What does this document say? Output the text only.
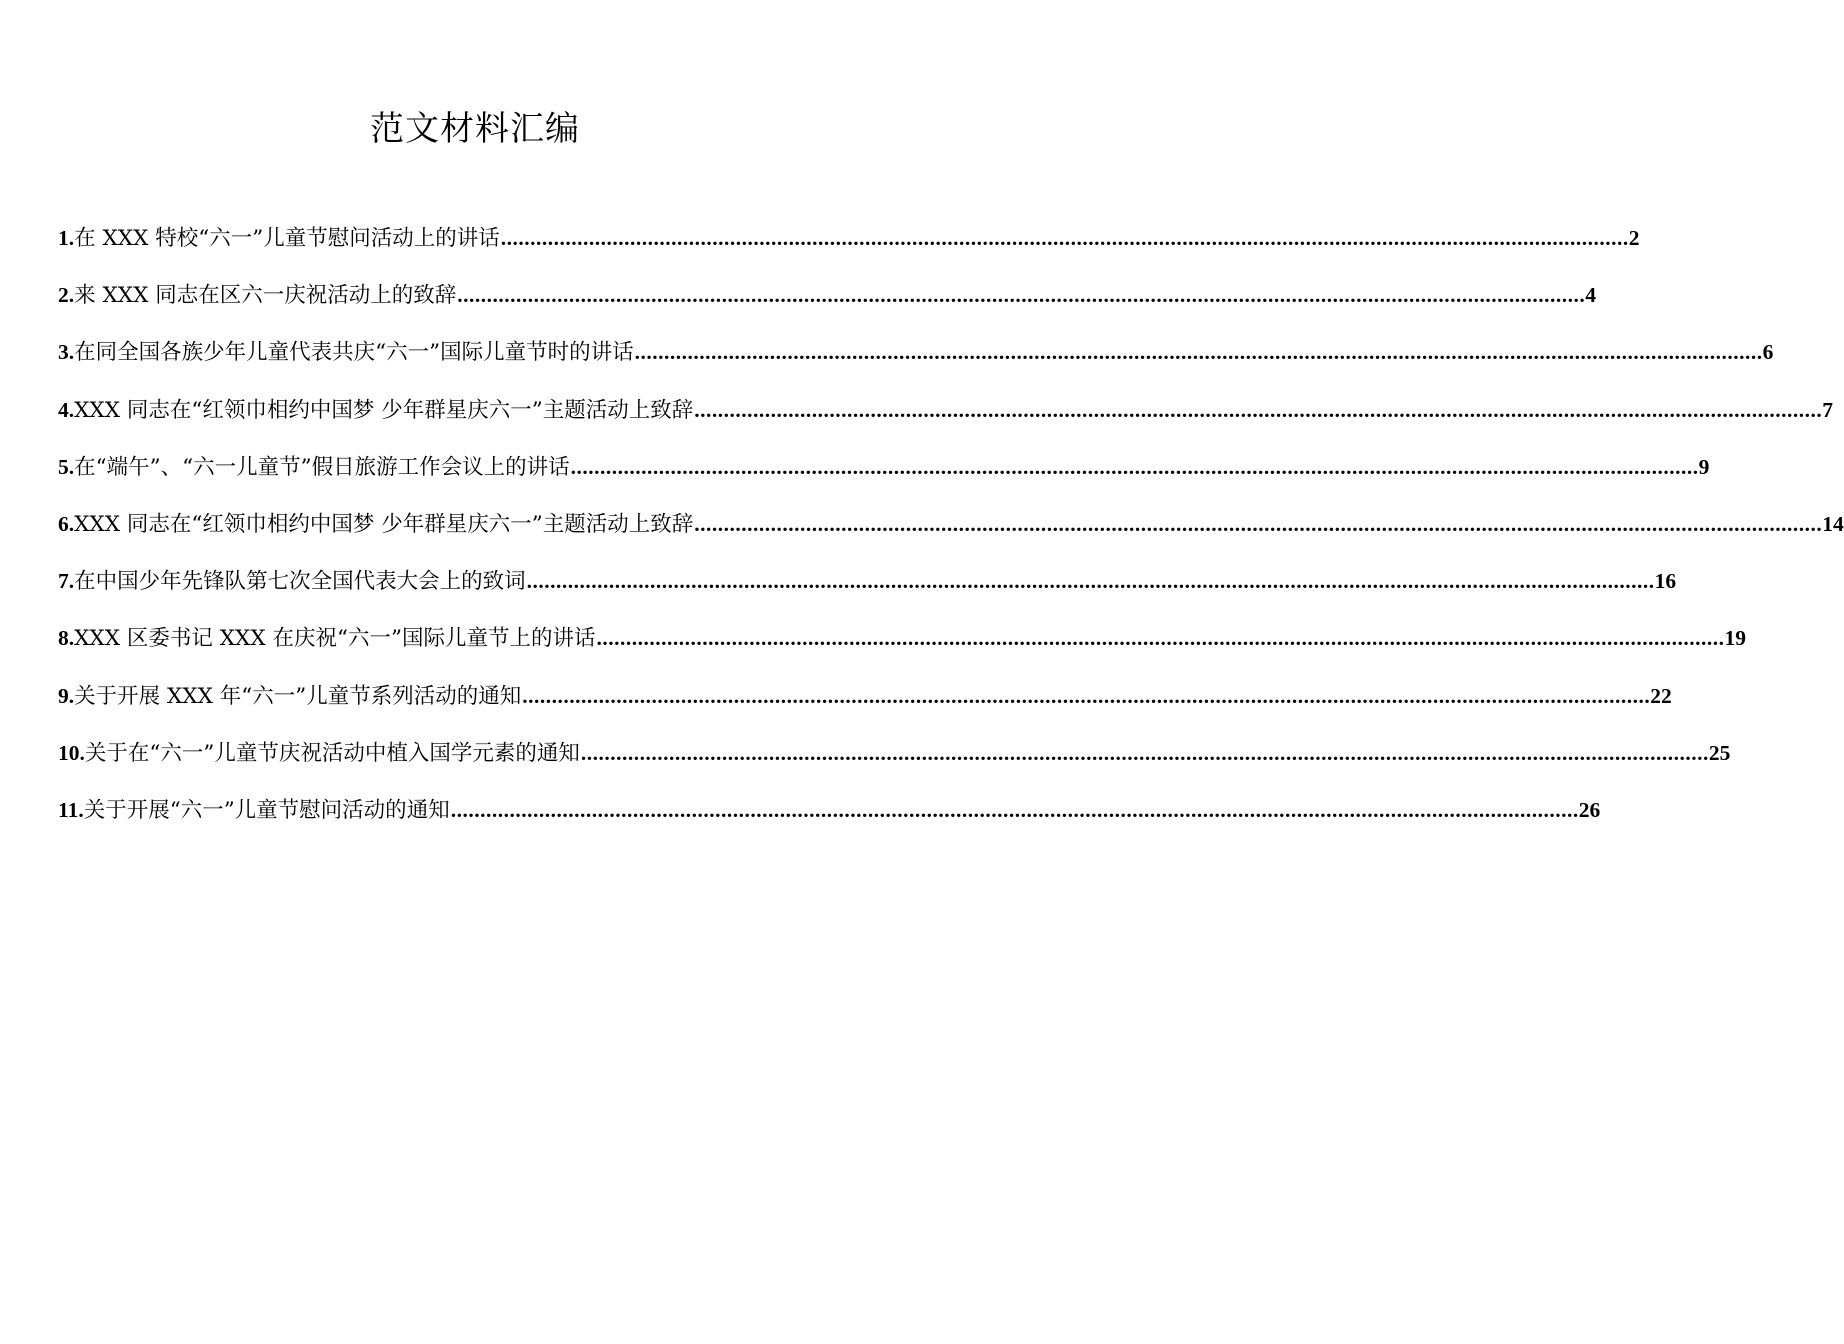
范文材料汇编
1. 在 XXX 特校“六一”儿童节慰问活动上的讲话 .....	2
2. 来 XXX 同志在区六一庆祝活动上的致辞 .....	4
3. 在同全国各族少年儿童代表共庆“六一”国际儿童节时的讲话 .....	6
4. XXX 同志在“红领巾相约中国梦 少年群星庆六一”主题活动上致辞 .....	7
5. 在“端午”、“六一儿童节”假日旅游工作会议上的讲话 .....	9
6. XXX 同志在“红领巾相约中国梦 少年群星庆六一”主题活动上致辞 .....	14
7. 在中国少年先锋队第七次全国代表大会上的致词 .....	16
8. XXX 区委书记 XXX 在庆祝“六一”国际儿童节上的讲话 .....	19
9. 关于开展 XXX 年“六一”儿童节系列活动的通知 .....	22
10. 关于在“六一”儿童节庆祝活动中植入国学元素的通知 .....	25
11. 关于开展“六一”儿童节慰问活动的通知 .....	26
